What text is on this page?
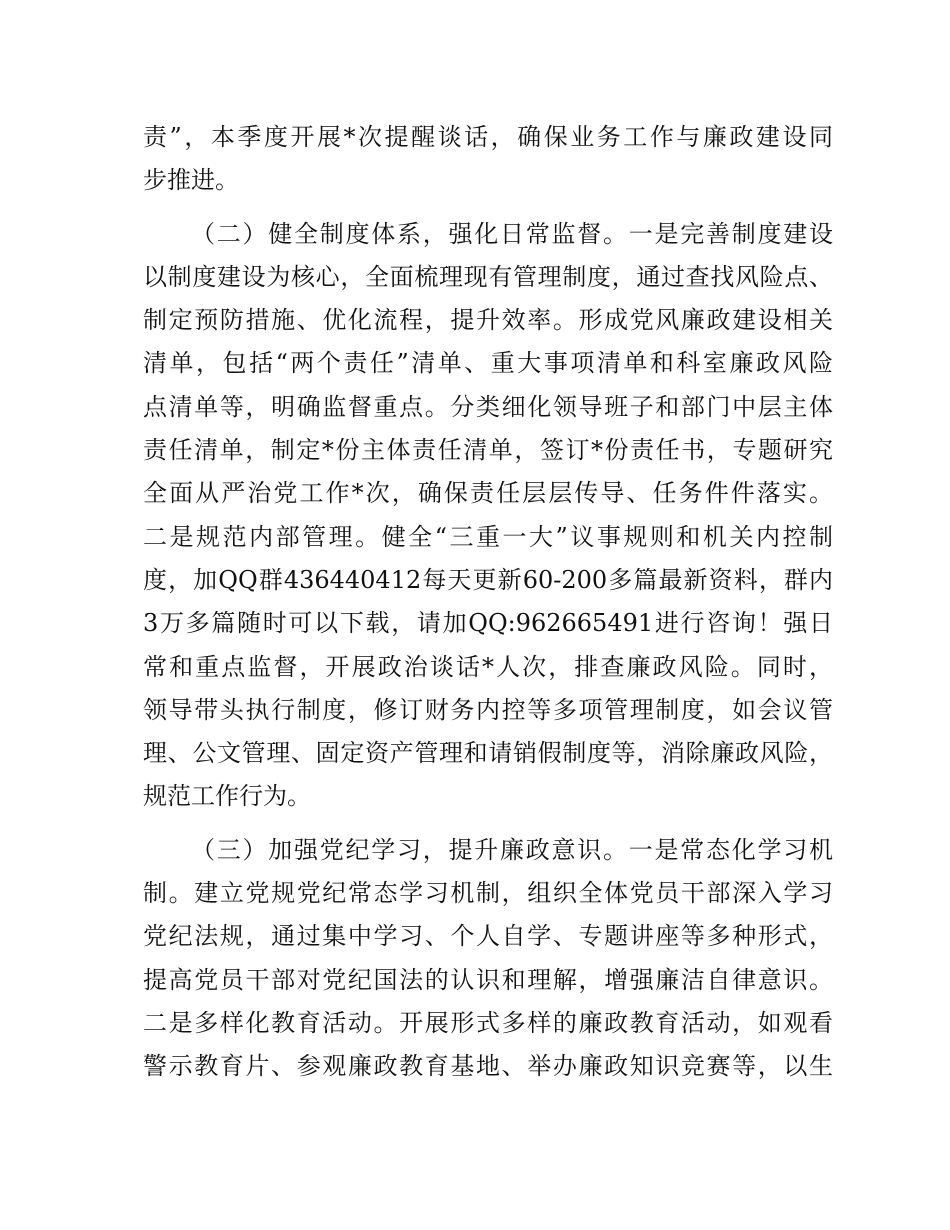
责”，本季度开展*次提醒谈话，确保业务工作与廉政建设同
步推进。
（二）健全制度体系，强化日常监督。一是完善制度建设
以制度建设为核心，全面梳理现有管理制度，通过查找风险点、
制定预防措施、优化流程，提升效率。形成党风廉政建设相关
清单，包括“两个责任”清单、重大事项清单和科室廉政风险
点清单等，明确监督重点。分类细化领导班子和部门中层主体
责任清单，制定*份主体责任清单，签订*份责任书，专题研究
全面从严治党工作*次，确保责任层层传导、任务件件落实。
二是规范内部管理。健全“三重一大”议事规则和机关内控制
度，加QQ群436440412每天更新60-200多篇最新资料，群内
3万多篇随时可以下载，请加QQ:962665491进行咨询！强日
常和重点监督，开展政治谈话*人次，排查廉政风险。同时，
领导带头执行制度，修订财务内控等多项管理制度，如会议管
理、公文管理、固定资产管理和请销假制度等，消除廉政风险，
规范工作行为。
（三）加强党纪学习，提升廉政意识。一是常态化学习机
制。建立党规党纪常态学习机制，组织全体党员干部深入学习
党纪法规，通过集中学习、个人自学、专题讲座等多种形式，
提高党员干部对党纪国法的认识和理解，增强廉洁自律意识。
二是多样化教育活动。开展形式多样的廉政教育活动，如观看
警示教育片、参观廉政教育基地、举办廉政知识竞赛等，以生
